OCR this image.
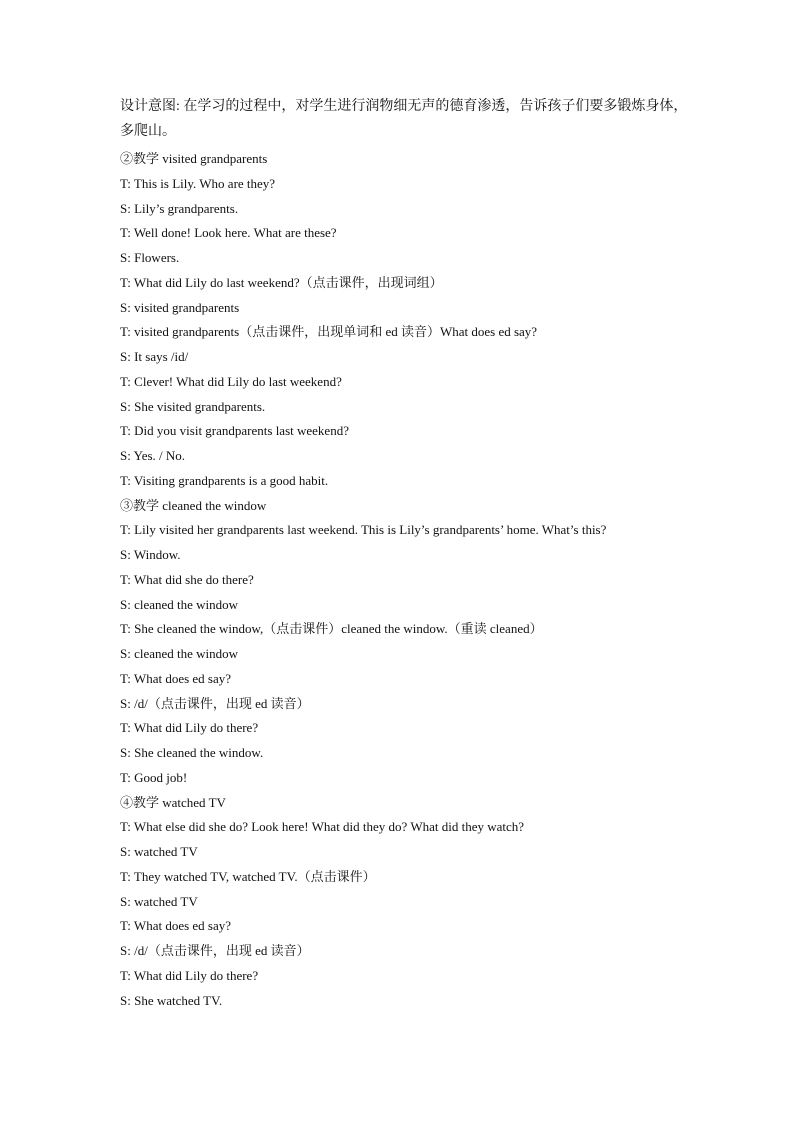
设计意图: 在学习的过程中，对学生进行润物细无声的德育渗透，告诉孩子们要多锻炼身体，
多爬山。

②教学 visited grandparents

T: This is Lily. Who are they?

S: Lily’s grandparents.

T: Well done! Look here. What are these?

S: Flowers.

T: What did Lily do last weekend?（点击课件，出现词组）

S: visited grandparents

T: visited grandparents（点击课件，出现单词和 ed 读音）What does ed say?

S: It says /id/

T: Clever! What did Lily do last weekend?

S: She visited grandparents.

T: Did you visit grandparents last weekend?

S: Yes. / No.

T: Visiting grandparents is a good habit.

③教学 cleaned the window

T: Lily visited her grandparents last weekend. This is Lily’s grandparents’ home. What’s this?

S: Window.

T: What did she do there?

S: cleaned the window

T: She cleaned the window,（点击课件）cleaned the window.（重读 cleaned）

S: cleaned the window

T: What does ed say?

S: /d/（点击课件，出现 ed 读音）

T: What did Lily do there?

S: She cleaned the window.

T: Good job!

④教学 watched TV

T: What else did she do? Look here! What did they do? What did they watch?

S: watched TV

T: They watched TV, watched TV.（点击课件）

S: watched TV

T: What does ed say?

S: /d/（点击课件，出现 ed 读音）

T: What did Lily do there?

S: She watched TV.
